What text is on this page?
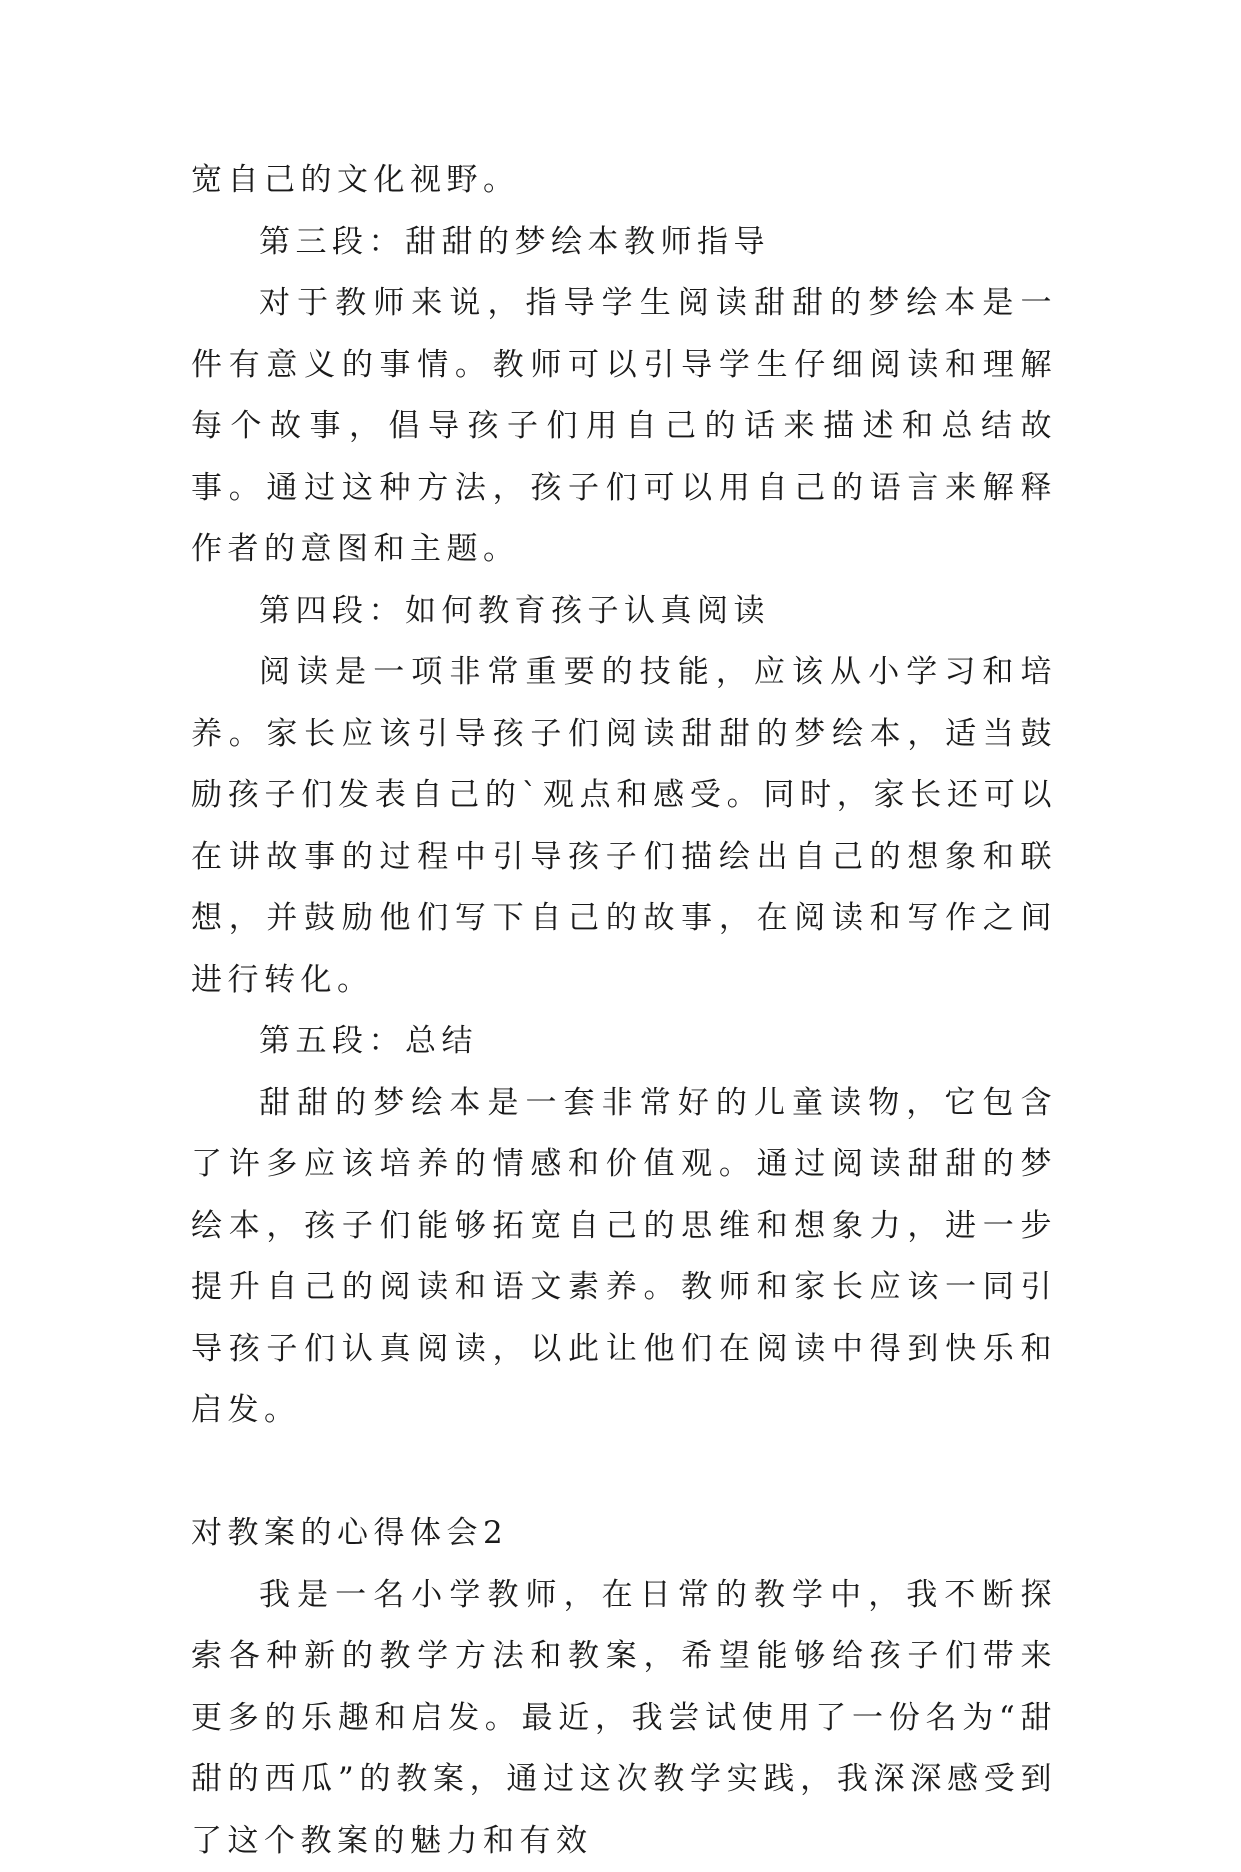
宽自己的文化视野。

第三段：甜甜的梦绘本教师指导

对于教师来说，指导学生阅读甜甜的梦绘本是一件有意义的事情。教师可以引导学生仔细阅读和理解每个故事，倡导孩子们用自己的话来描述和总结故事。通过这种方法，孩子们可以用自己的语言来解释作者的意图和主题。

第四段：如何教育孩子认真阅读

阅读是一项非常重要的技能，应该从小学习和培养。家长应该引导孩子们阅读甜甜的梦绘本，适当鼓励孩子们发表自己的`观点和感受。同时，家长还可以在讲故事的过程中引导孩子们描绘出自己的想象和联想，并鼓励他们写下自己的故事，在阅读和写作之间进行转化。

第五段：总结

甜甜的梦绘本是一套非常好的儿童读物，它包含了许多应该培养的情感和价值观。通过阅读甜甜的梦绘本，孩子们能够拓宽自己的思维和想象力，进一步提升自己的阅读和语文素养。教师和家长应该一同引导孩子们认真阅读，以此让他们在阅读中得到快乐和启发。

对教案的心得体会2

我是一名小学教师，在日常的教学中，我不断探索各种新的教学方法和教案，希望能够给孩子们带来更多的乐趣和启发。最近，我尝试使用了一份名为“甜甜的西瓜”的教案，通过这次教学实践，我深深感受到了这个教案的魅力和有效
